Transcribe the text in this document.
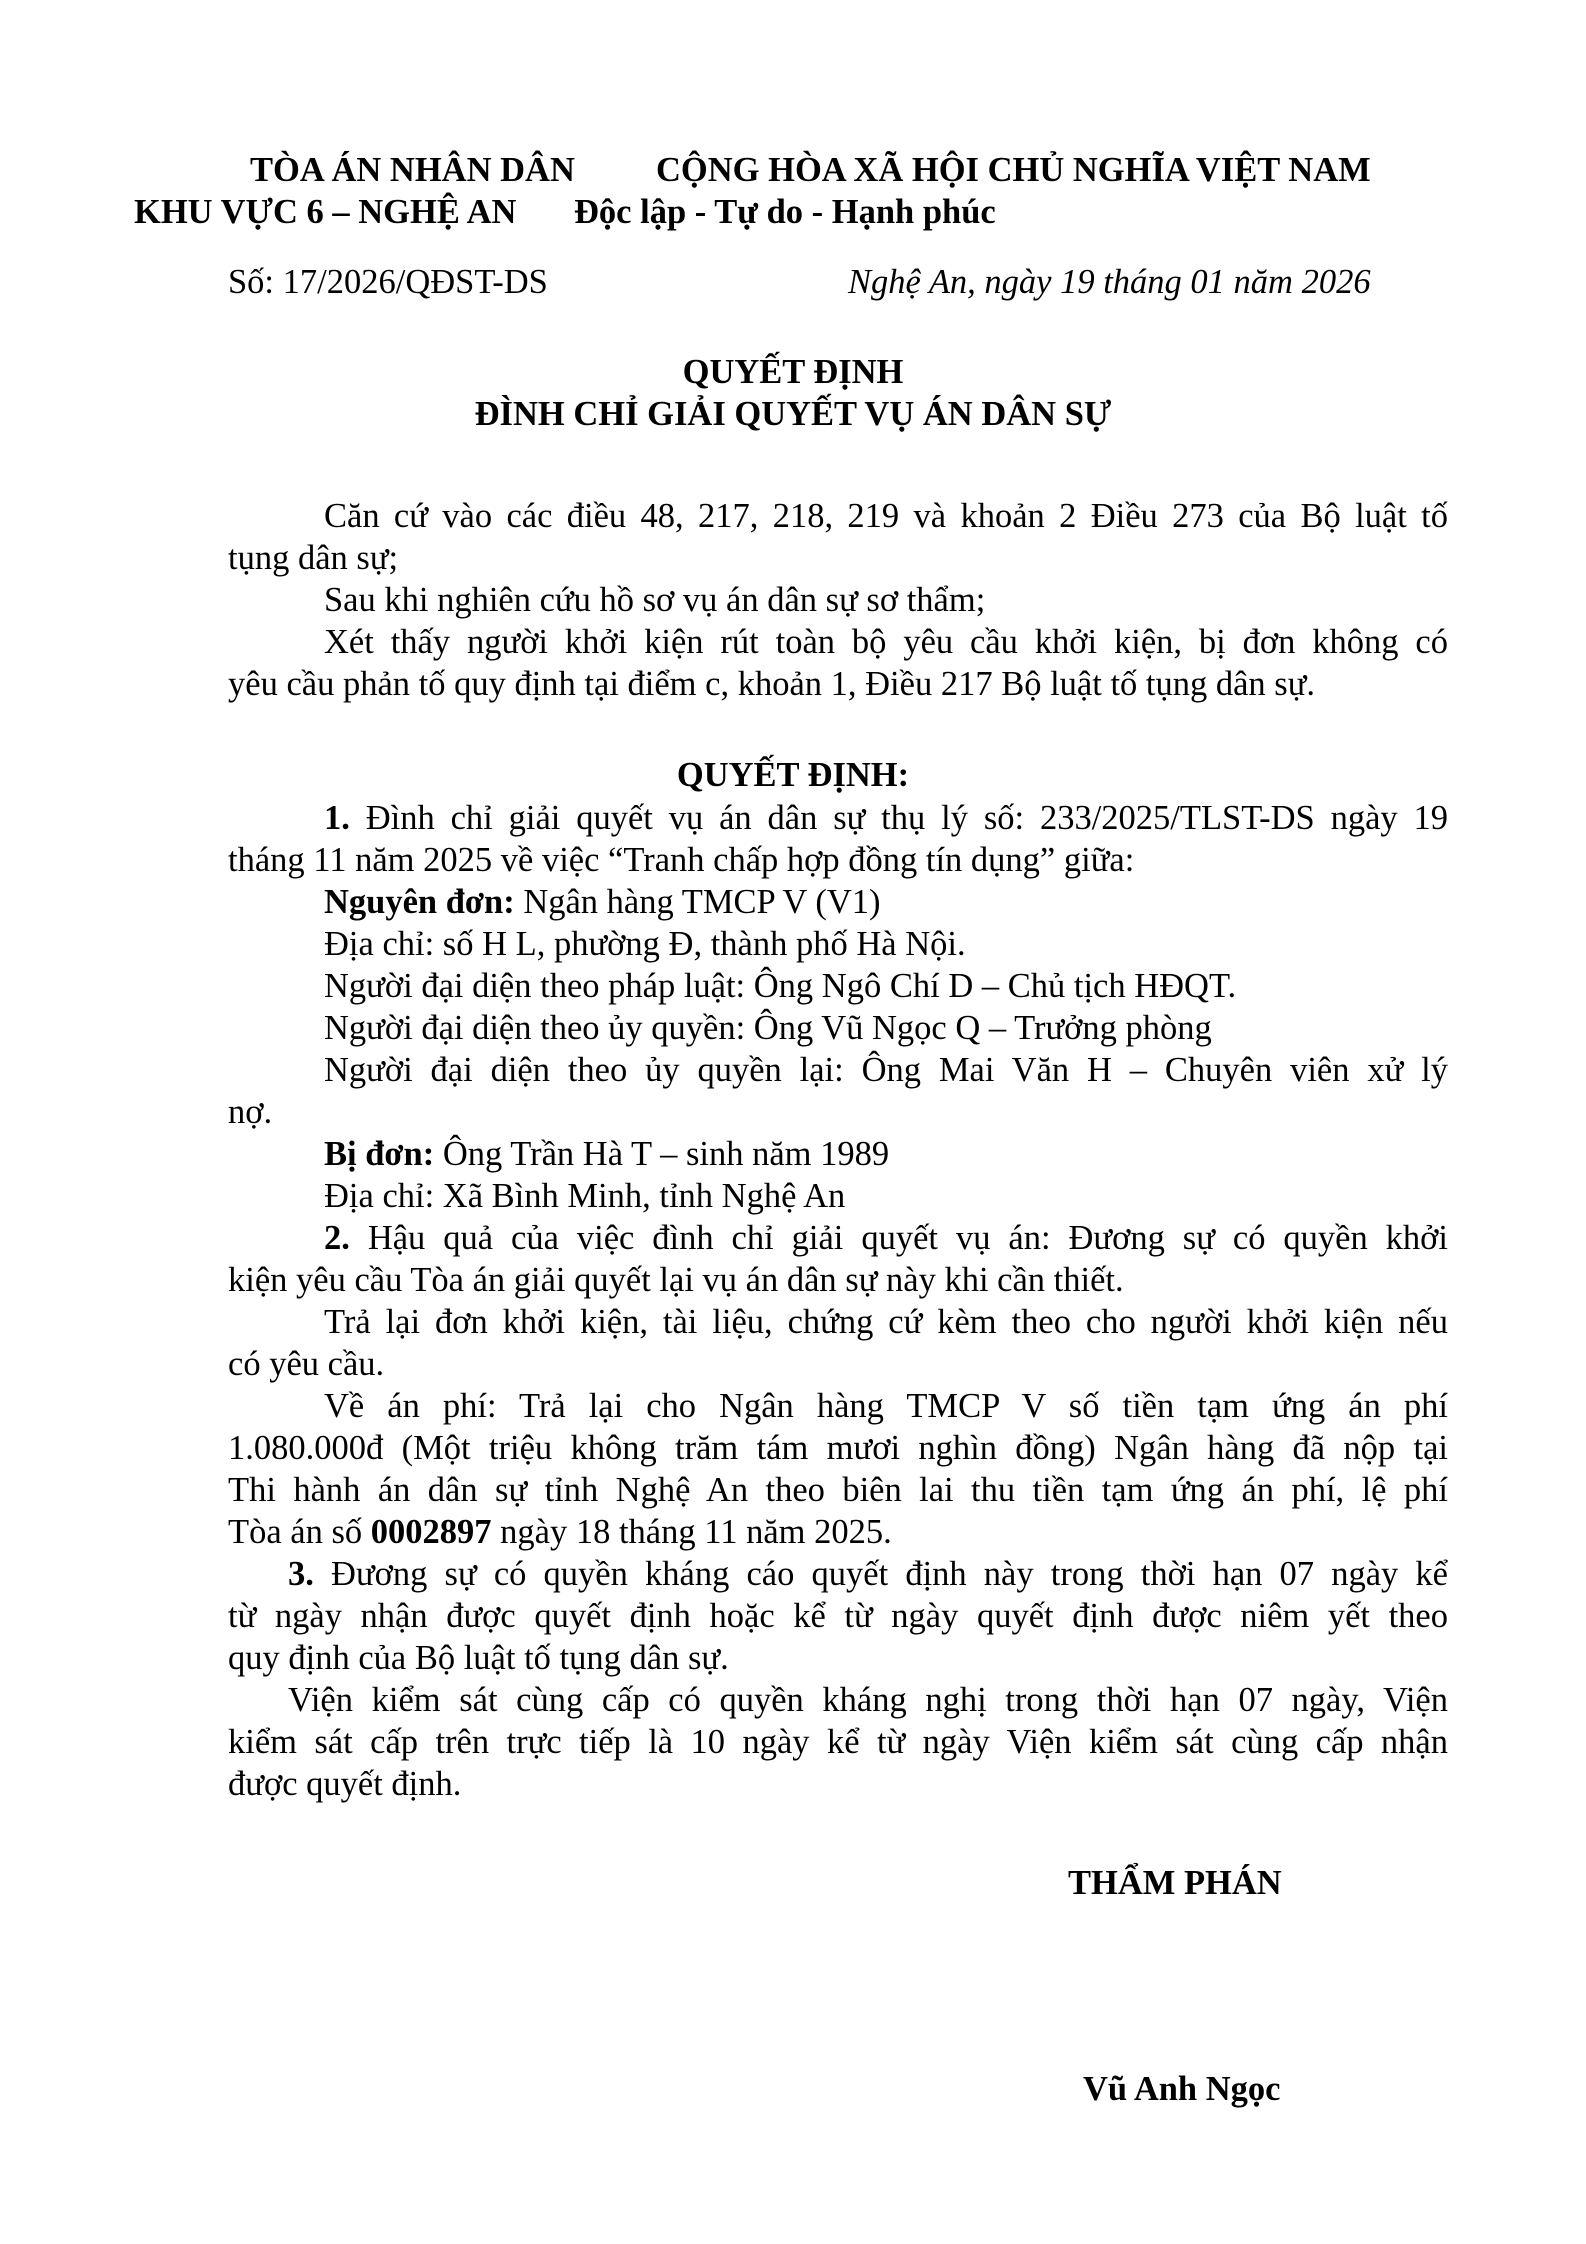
TÒA ÁN NHÂN DÂN
KHU VỰC 6 – NGHỆ AN
CỘNG HÒA XÃ HỘI CHỦ NGHĨA VIỆT NAM
Độc lập - Tự do - Hạnh phúc
Số: 17/2026/QĐST-DS	Nghệ An, ngày 19 tháng 01 năm 2026
QUYẾT ĐỊNH
ĐÌNH CHỈ GIẢI QUYẾT VỤ ÁN DÂN SỰ

Căn cứ vào các điều 48, 217, 218, 219 và khoản 2 Điều 273 của Bộ luật tố

tụng dân sự;
Sau khi nghiên cứu hồ sơ vụ án dân sự sơ thẩm;

Xét thấy người khởi kiện rút toàn bộ yêu cầu khởi kiện, bị đơn không có

yêu cầu phản tố quy định tại điểm c, khoản 1, Điều 217 Bộ luật tố tụng dân sự.
QUYẾT ĐỊNH:

1. Đình chỉ giải quyết vụ án dân sự thụ lý số: 233/2025/TLST-DS ngày 19

tháng 11 năm 2025 về việc “Tranh chấp hợp đồng tín dụng” giữa:
Nguyên đơn: Ngân hàng TMCP V (V1)
Địa chỉ: số H L, phường Đ, thành phố Hà Nội.
Người đại diện theo pháp luật: Ông Ngô Chí D – Chủ tịch HĐQT.
Người đại diện theo ủy quyền: Ông Vũ Ngọc Q – Trưởng phòng

Người đại diện theo ủy quyền lại: Ông Mai Văn H – Chuyên viên xử lý

nợ.
Bị đơn: Ông Trần Hà T – sinh năm 1989
Địa chỉ: Xã Bình Minh, tỉnh Nghệ An

2. Hậu quả của việc đình chỉ giải quyết vụ án: Đương sự có quyền khởi

kiện yêu cầu Tòa án giải quyết lại vụ án dân sự này khi cần thiết.

Trả lại đơn khởi kiện, tài liệu, chứng cứ kèm theo cho người khởi kiện nếu

có yêu cầu.

Về án phí: Trả lại cho Ngân hàng TMCP V số tiền tạm ứng án phí

1.080.000đ (Một triệu không trăm tám mươi nghìn đồng) Ngân hàng đã nộp tại

Thi hành án dân sự tỉnh Nghệ An theo biên lai thu tiền tạm ứng án phí, lệ phí

Tòa án số 0002897 ngày 18 tháng 11 năm 2025.

3. Đương sự có quyền kháng cáo quyết định này trong thời hạn 07 ngày kể

từ ngày nhận được quyết định hoặc kể từ ngày quyết định được niêm yết theo

quy định của Bộ luật tố tụng dân sự.

Viện kiểm sát cùng cấp có quyền kháng nghị trong thời hạn 07 ngày, Viện

kiểm sát cấp trên trực tiếp là 10 ngày kể từ ngày Viện kiểm sát cùng cấp nhận

được quyết định.
THẨM PHÁN
Vũ Anh Ngọc
